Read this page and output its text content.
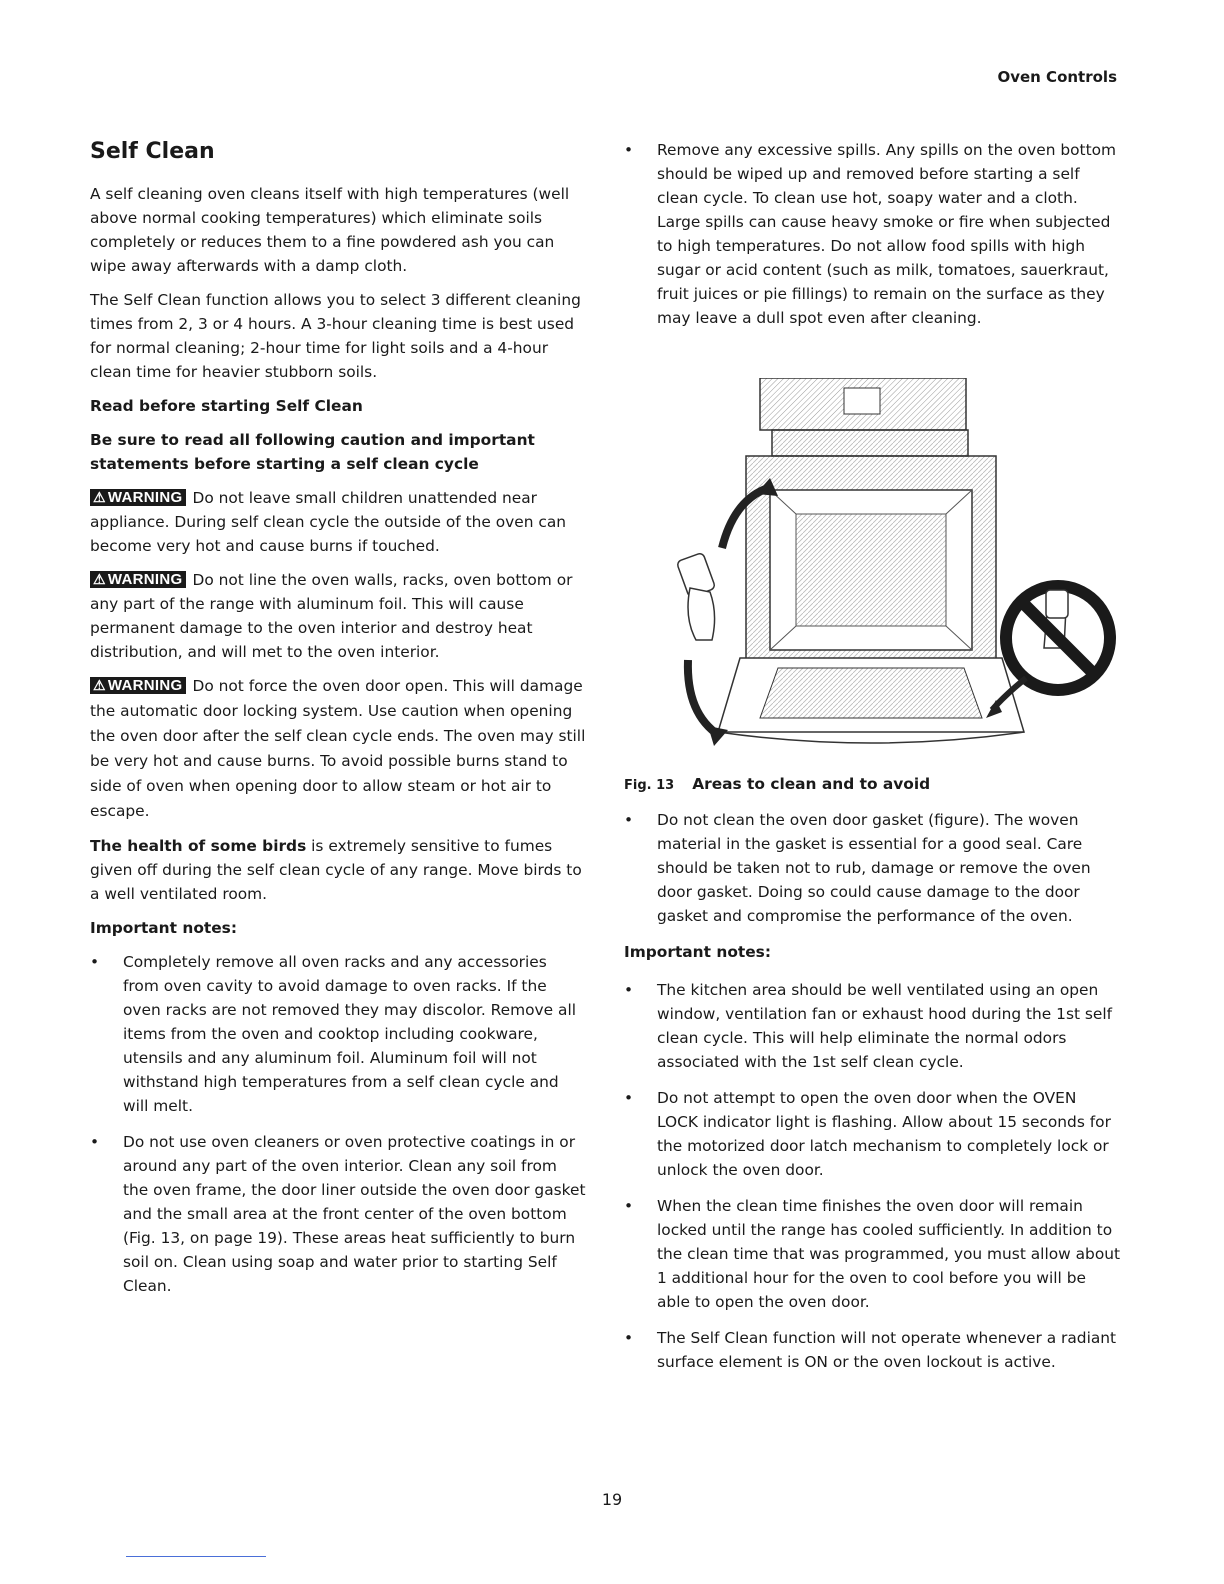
Oven Controls
Self Clean

A self cleaning oven cleans itself with high temperatures (well above normal cooking temperatures) which eliminate soils completely or reduces them to a fine powdered ash you can wipe away afterwards with a damp cloth.

The Self Clean function allows you to select 3 different cleaning times from 2, 3 or 4 hours. A 3-hour cleaning time is best used for normal cleaning; 2-hour time for light soils and a 4-hour clean time for heavier stubborn soils.

Read before starting Self Clean
Be sure to read all following caution and important statements before starting a self clean cycle

⚠ WARNING Do not leave small children unattended near appliance. During self clean cycle the outside of the oven can become very hot and cause burns if touched.

⚠ WARNING Do not line the oven walls, racks, oven bottom or any part of the range with aluminum foil. This will cause permanent damage to the oven interior and destroy heat distribution, and will met to the oven interior.

⚠ WARNING Do not force the oven door open. This will damage the automatic door locking system. Use caution when opening the oven door after the self clean cycle ends. The oven may still be very hot and cause burns. To avoid possible burns stand to side of oven when opening door to allow steam or hot air to escape.

The health of some birds is extremely sensitive to fumes given off during the self clean cycle of any range. Move birds to a well ventilated room.

Important notes:
• Completely remove all oven racks and any accessories from oven cavity to avoid damage to oven racks. If the oven racks are not removed they may discolor. Remove all items from the oven and cooktop including cookware, utensils and any aluminum foil. Aluminum foil will not withstand high temperatures from a self clean cycle and will melt.
• Do not use oven cleaners or oven protective coatings in or around any part of the oven interior. Clean any soil from the oven frame, the door liner outside the oven door gasket and the small area at the front center of the oven bottom (Fig. 13, on page 19). These areas heat sufficiently to burn soil on. Clean using soap and water prior to starting Self Clean.
• Remove any excessive spills. Any spills on the oven bottom should be wiped up and removed before starting a self clean cycle. To clean use hot, soapy water and a cloth. Large spills can cause heavy smoke or fire when subjected to high temperatures. Do not allow food spills with high sugar or acid content (such as milk, tomatoes, sauerkraut, fruit juices or pie fillings) to remain on the surface as they may leave a dull spot even after cleaning.
Fig. 13 Areas to clean and to avoid
• Do not clean the oven door gasket (figure). The woven material in the gasket is essential for a good seal. Care should be taken not to rub, damage or remove the oven door gasket. Doing so could cause damage to the door gasket and compromise the performance of the oven.
Important notes:
• The kitchen area should be well ventilated using an open window, ventilation fan or exhaust hood during the 1st self clean cycle. This will help eliminate the normal odors associated with the 1st self clean cycle.
• Do not attempt to open the oven door when the OVEN LOCK indicator light is flashing. Allow about 15 seconds for the motorized door latch mechanism to completely lock or unlock the oven door.
• When the clean time finishes the oven door will remain locked until the range has cooled sufficiently. In addition to the clean time that was programmed, you must allow about 1 additional hour for the oven to cool before you will be able to open the oven door.
• The Self Clean function will not operate whenever a radiant surface element is ON or the oven lockout is active.
19
